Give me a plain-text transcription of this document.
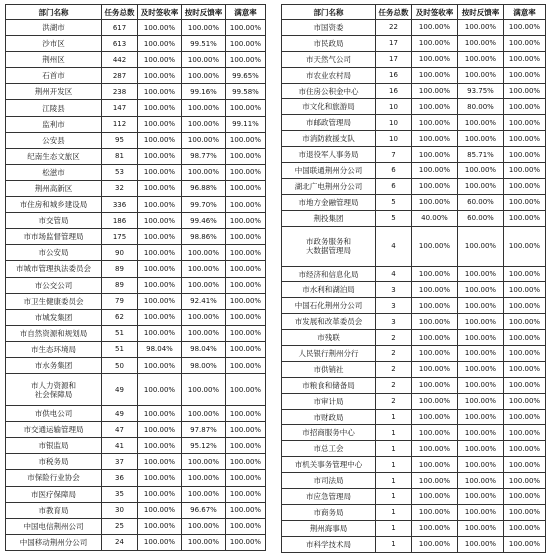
部门名称	任务总数	及时签收率	按时反馈率	满意率
洪湖市	617	100.00%	100.00%	100.00%
沙市区	613	100.00%	99.51%	100.00%
荆州区	442	100.00%	100.00%	100.00%
石首市	287	100.00%	100.00%	99.65%
荆州开发区	238	100.00%	99.16%	99.58%
江陵县	147	100.00%	100.00%	100.00%
监利市	112	100.00%	100.00%	99.11%
公安县	95	100.00%	100.00%	100.00%
纪南生态文旅区	81	100.00%	98.77%	100.00%
松滋市	53	100.00%	100.00%	100.00%
荆州高新区	32	100.00%	96.88%	100.00%
市住房和城乡建设局	336	100.00%	99.70%	100.00%
市交管局	186	100.00%	99.46%	100.00%
市市场监督管理局	175	100.00%	98.86%	100.00%
市公安局	90	100.00%	100.00%	100.00%
市城市管理执法委员会	89	100.00%	100.00%	100.00%
市公交公司	89	100.00%	100.00%	100.00%
市卫生健康委员会	79	100.00%	92.41%	100.00%
市城发集团	62	100.00%	100.00%	100.00%
市自然资源和规划局	51	100.00%	100.00%	100.00%
市生态环境局	51	98.04%	98.04%	100.00%
市水务集团	50	100.00%	98.00%	100.00%
市人力资源和
社会保障局	49	100.00%	100.00%	100.00%
市供电公司	49	100.00%	100.00%	100.00%
市交通运输管理局	47	100.00%	97.87%	100.00%
市银监局	41	100.00%	95.12%	100.00%
市税务局	37	100.00%	100.00%	100.00%
市保险行业协会	36	100.00%	100.00%	100.00%
市医疗保障局	35	100.00%	100.00%	100.00%
市教育局	30	100.00%	96.67%	100.00%
中国电信荆州公司	25	100.00%	100.00%	100.00%
中国移动荆州分公司	24	100.00%	100.00%	100.00%
部门名称	任务总数	及时签收率	按时反馈率	满意率
市国资委	22	100.00%	100.00%	100.00%
市民政局	17	100.00%	100.00%	100.00%
市天然气公司	17	100.00%	100.00%	100.00%
市农业农村局	16	100.00%	100.00%	100.00%
市住房公积金中心	16	100.00%	93.75%	100.00%
市文化和旅游局	10	100.00%	80.00%	100.00%
市邮政管理局	10	100.00%	100.00%	100.00%
市消防救援支队	10	100.00%	100.00%	100.00%
市退役军人事务局	7	100.00%	85.71%	100.00%
中国联通荆州分公司	6	100.00%	100.00%	100.00%
湖北广电荆州分公司	6	100.00%	100.00%	100.00%
市地方金融管理局	5	100.00%	60.00%	100.00%
荆投集团	5	40.00%	60.00%	100.00%
市政务服务和
大数据管理局	4	100.00%	100.00%	100.00%
市经济和信息化局	4	100.00%	100.00%	100.00%
市水利和湖泊局	3	100.00%	100.00%	100.00%
中国石化荆州分公司	3	100.00%	100.00%	100.00%
市发展和改革委员会	3	100.00%	100.00%	100.00%
市残联	2	100.00%	100.00%	100.00%
人民银行荆州分行	2	100.00%	100.00%	100.00%
市供销社	2	100.00%	100.00%	100.00%
市粮食和储备局	2	100.00%	100.00%	100.00%
市审计局	2	100.00%	100.00%	100.00%
市财政局	1	100.00%	100.00%	100.00%
市招商服务中心	1	100.00%	100.00%	100.00%
市总工会	1	100.00%	100.00%	100.00%
市机关事务管理中心	1	100.00%	100.00%	100.00%
市司法局	1	100.00%	100.00%	100.00%
市应急管理局	1	100.00%	100.00%	100.00%
市商务局	1	100.00%	100.00%	100.00%
荆州海事局	1	100.00%	100.00%	100.00%
市科学技术局	1	100.00%	100.00%	100.00%
